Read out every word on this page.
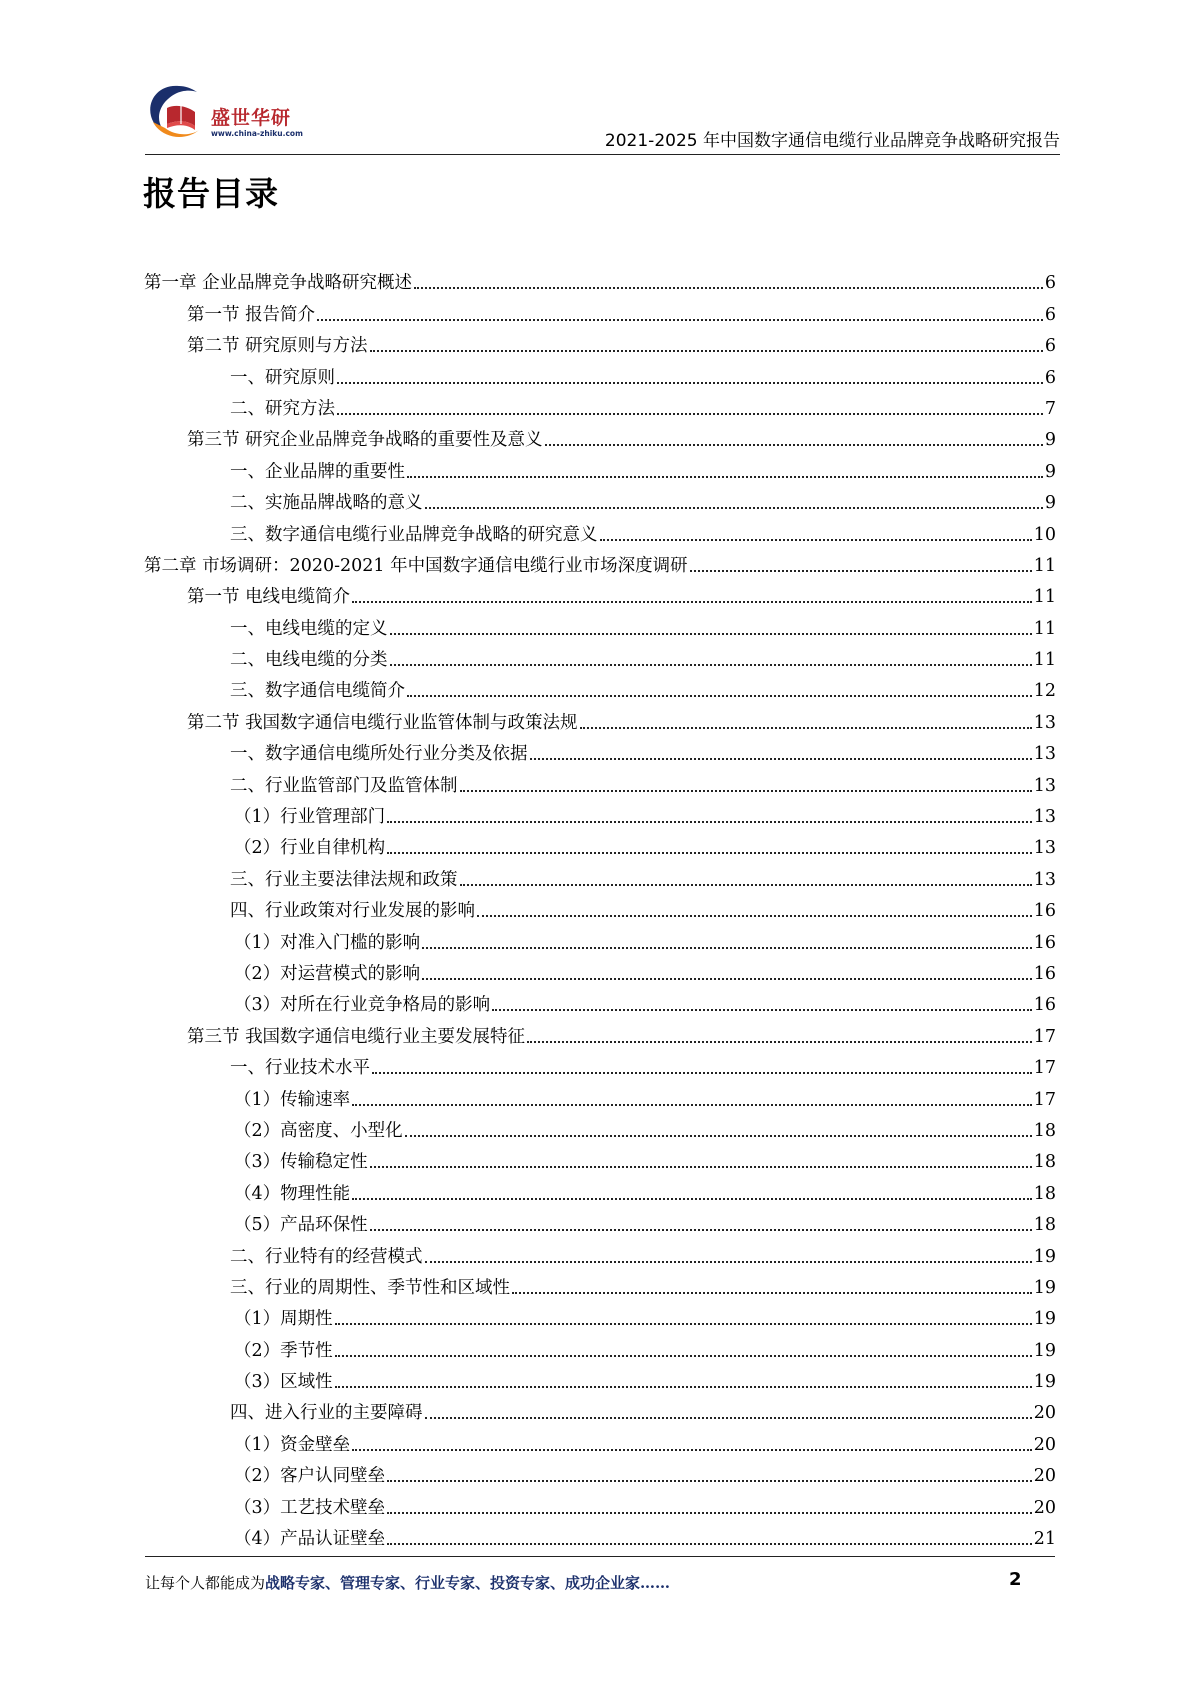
盛世华研
www.china-zhiku.com	2021-2025 年中国数字通信电缆行业品牌竞争战略研究报告
报告目录
第一章 企业品牌竞争战略研究概述	6
第一节 报告简介	6
第二节 研究原则与方法	6
一、研究原则	6
二、研究方法	7
第三节 研究企业品牌竞争战略的重要性及意义	9
一、企业品牌的重要性	9
二、实施品牌战略的意义	9
三、数字通信电缆行业品牌竞争战略的研究意义	10
第二章 市场调研：2020-2021 年中国数字通信电缆行业市场深度调研	11
第一节 电线电缆简介	11
一、电线电缆的定义	11
二、电线电缆的分类	11
三、数字通信电缆简介	12
第二节 我国数字通信电缆行业监管体制与政策法规	13
一、数字通信电缆所处行业分类及依据	13
二、行业监管部门及监管体制	13
（1）行业管理部门	13
（2）行业自律机构	13
三、行业主要法律法规和政策	13
四、行业政策对行业发展的影响	16
（1）对准入门槛的影响	16
（2）对运营模式的影响	16
（3）对所在行业竞争格局的影响	16
第三节 我国数字通信电缆行业主要发展特征	17
一、行业技术水平	17
（1）传输速率	17
（2）高密度、小型化	18
（3）传输稳定性	18
（4）物理性能	18
（5）产品环保性	18
二、行业特有的经营模式	19
三、行业的周期性、季节性和区域性	19
（1）周期性	19
（2）季节性	19
（3）区域性	19
四、进入行业的主要障碍	20
（1）资金壁垒	20
（2）客户认同壁垒	20
（3）工艺技术壁垒	20
（4）产品认证壁垒	21
让每个人都能成为战略专家、管理专家、行业专家、投资专家、成功企业家……	2
